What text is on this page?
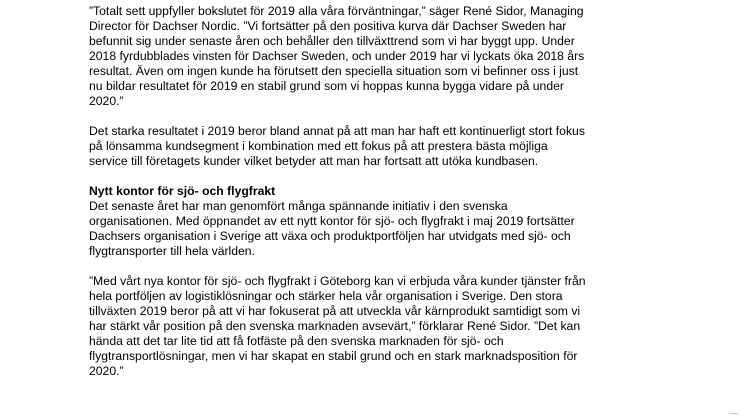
”Totalt sett uppfyller bokslutet för 2019 alla våra förväntningar,” säger René Sidor, Managing
Director för Dachser Nordic. ”Vi fortsätter på den positiva kurva där Dachser Sweden har
befunnit sig under senaste åren och behåller den tillväxttrend som vi har byggt upp. Under
2018 fyrdubblades vinsten för Dachser Sweden, och under 2019 har vi lyckats öka 2018 års
resultat. Även om ingen kunde ha förutsett den speciella situation som vi befinner oss i just
nu bildar resultatet för 2019 en stabil grund som vi hoppas kunna bygga vidare på under
2020.”
Det starka resultatet i 2019 beror bland annat på att man har haft ett kontinuerligt stort fokus
på lönsamma kundsegment i kombination med ett fokus på att prestera bästa möjliga
service till företagets kunder vilket betyder att man har fortsatt att utöka kundbasen.
Nytt kontor för sjö- och flygfrakt
Det senaste året har man genomfört många spännande initiativ i den svenska
organisationen. Med öppnandet av ett nytt kontor för sjö- och flygfrakt i maj 2019 fortsätter
Dachsers organisation i Sverige att växa och produktportföljen har utvidgats med sjö- och
flygtransporter till hela världen.
”Med vårt nya kontor för sjö- och flygfrakt i Göteborg kan vi erbjuda våra kunder tjänster från
hela portföljen av logistiklösningar och stärker hela vår organisation i Sverige. Den stora
tillväxten 2019 beror på att vi har fokuserat på att utveckla vår kärnprodukt samtidigt som vi
har stärkt vår position på den svenska marknaden avsevärt,” förklarar René Sidor. ”Det kan
hända att det tar lite tid att få fotfäste på den svenska marknaden för sjö- och
flygtransportlösningar, men vi har skapat en stabil grund och en stark marknadsposition för
2020.”
